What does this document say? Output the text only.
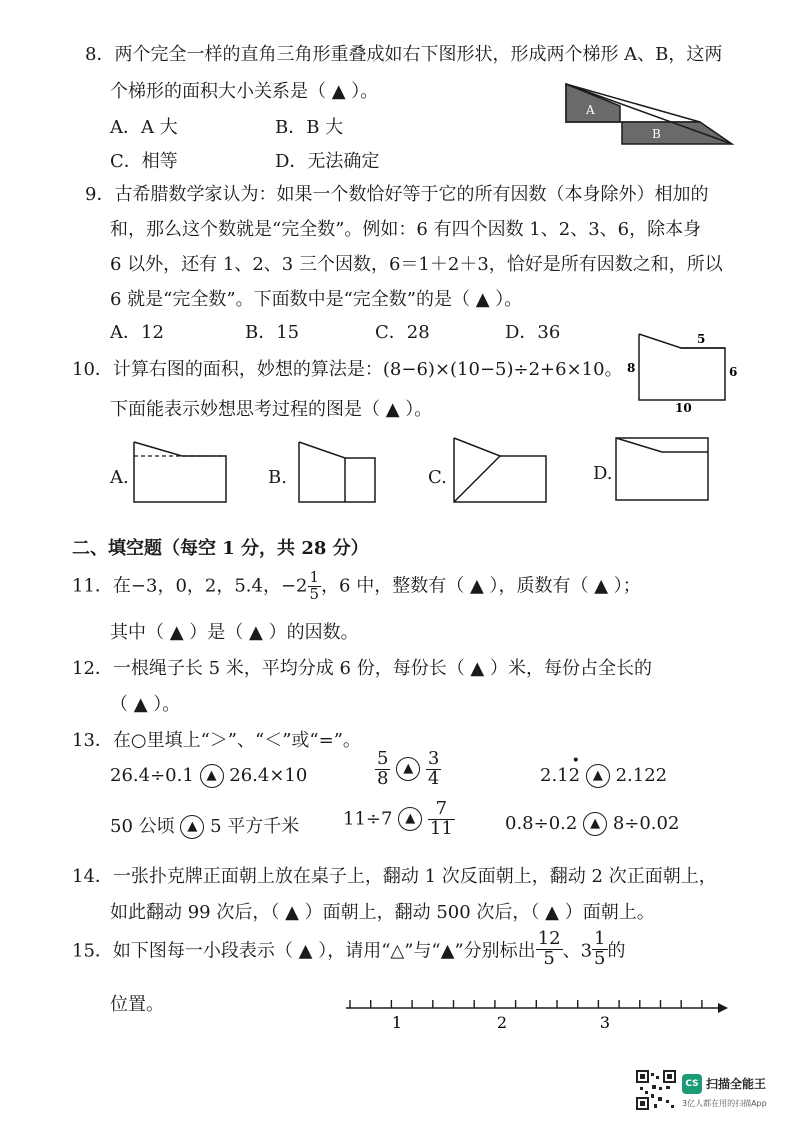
8．两个完全一样的直角三角形重叠成如右下图形状，形成两个梯形 A、B，这两
个梯形的面积大小关系是（ ▲ ）。
A．A 大	B．B 大
C．相等	D．无法确定
A
B
9．古希腊数学家认为：如果一个数恰好等于它的所有因数（本身除外）相加的
和，那么这个数就是“完全数”。例如：6 有四个因数 1、2、3、6，除本身
6 以外，还有 1、2、3 三个因数，6＝1＋2＋3，恰好是所有因数之和，所以
6 就是“完全数”。下面数中是“完全数”的是（ ▲ ）。
A．12	B．15	C．28	D．36
10．计算右图的面积，妙想的算法是：(8−6)×(10−5)÷2+6×10。
下面能表示妙想思考过程的图是（ ▲ ）。
5
8	6
10
A.	B.	C.	D.
二、填空题（每空 1 分，共 28 分）
11．在−3，0，2，5.4，$-2 \frac{1}{5}$ ，6 中，整数有（ ▲ ），质数有（ ▲ ）；
其中（ ▲ ）是（ ▲ ）的因数。
12．一根绳子长 5 米，平均分成 6 份，每份长（ ▲ ）米，每份占全长的
（ ▲ ）。
13．在○里填上“＞”、“＜”或“=”。
26.4÷0.1 ▲ 26.4×10	$\frac{5}{8}$ ▲ $\frac{3}{4}$	2.1
•
2 ▲ 2.122
50 公顷 ▲ 5 平方千米 11÷7 ▲ $\frac{7}{11}$	0.8÷0.2 ▲ 8÷0.02
14．一张扑克牌正面朝上放在桌子上，翻动 1 次反面朝上，翻动 2 次正面朝上，
如此翻动 99 次后，（ ▲ ）面朝上，翻动 500 次后，（ ▲ ）面朝上。
15．如下图每一小段表示（ ▲ ），请用“△”与“▲”分别标出 $\frac{12}{5}$ 、$3 \frac{1}{5}$ 的
位置。
1	2	3
CS 扫描全能王
3亿人都在用的扫描App
